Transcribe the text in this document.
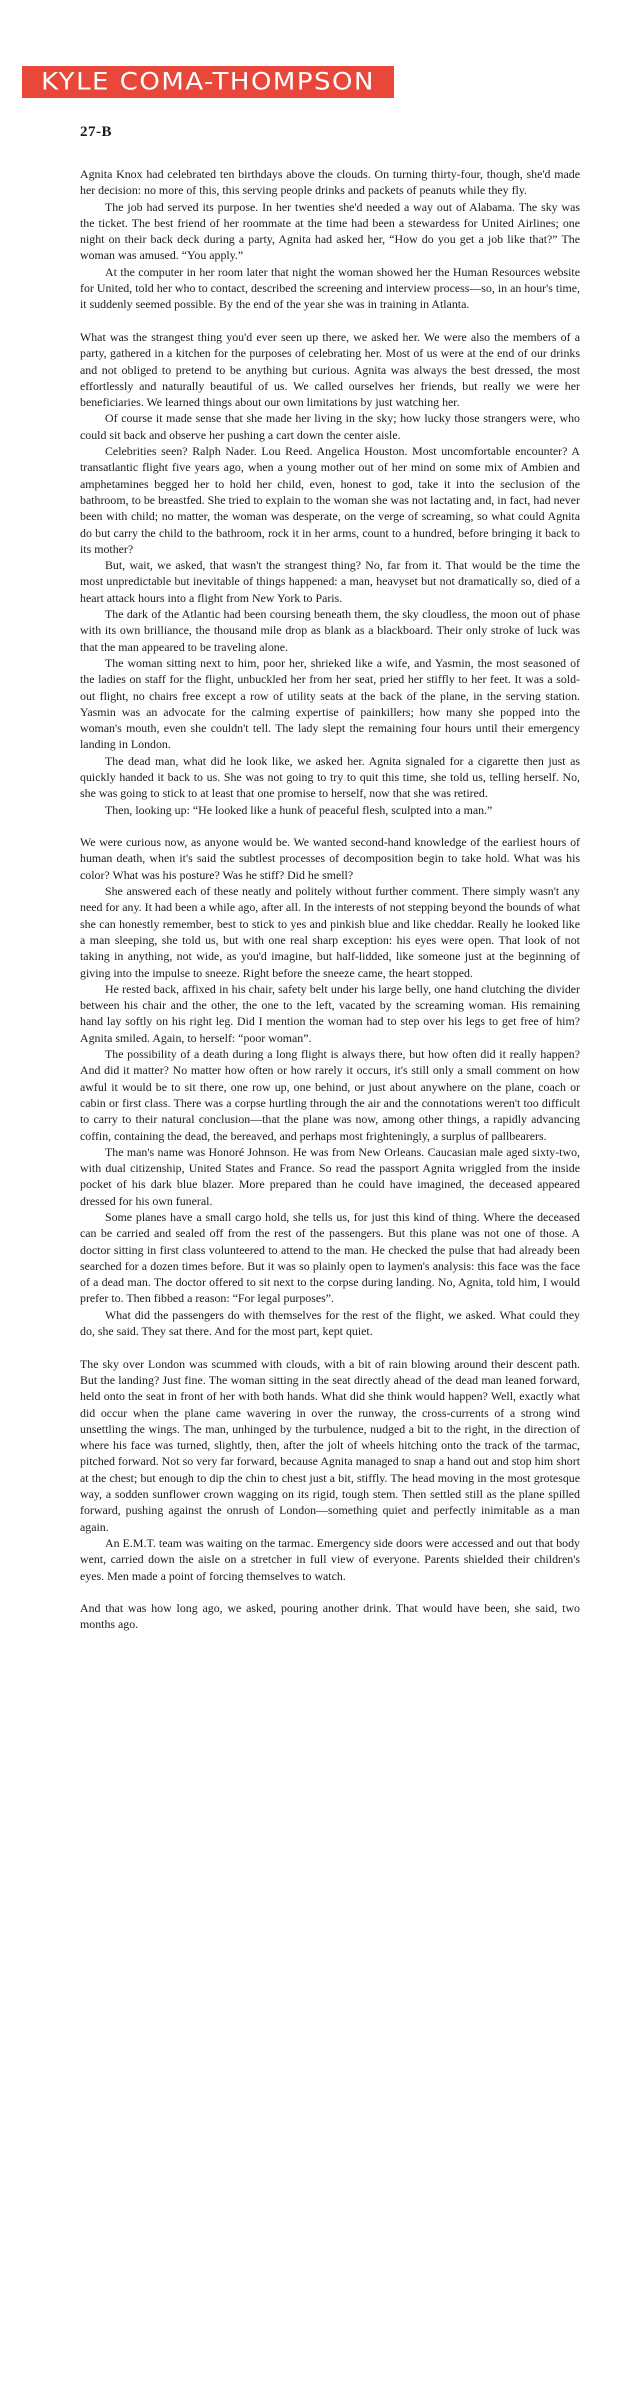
KYLE COMA-THOMPSON
27-B

Agnita Knox had celebrated ten birthdays above the clouds. On turning thirty-four, though, she'd made her decision: no more of this, this serving people drinks and packets of peanuts while they fly.

The job had served its purpose. In her twenties she'd needed a way out of Alabama. The sky was the ticket. The best friend of her roommate at the time had been a stewardess for United Airlines; one night on their back deck during a party, Agnita had asked her, “How do you get a job like that?” The woman was amused. “You apply.”

At the computer in her room later that night the woman showed her the Human Resources website for United, told her who to contact, described the screening and interview process—so, in an hour's time, it suddenly seemed possible. By the end of the year she was in training in Atlanta.

What was the strangest thing you'd ever seen up there, we asked her. We were also the members of a party, gathered in a kitchen for the purposes of celebrating her. Most of us were at the end of our drinks and not obliged to pretend to be anything but curious. Agnita was always the best dressed, the most effortlessly and naturally beautiful of us. We called ourselves her friends, but really we were her beneficiaries. We learned things about our own limitations by just watching her.

Of course it made sense that she made her living in the sky; how lucky those strangers were, who could sit back and observe her pushing a cart down the center aisle.

Celebrities seen? Ralph Nader. Lou Reed. Angelica Houston. Most uncomfortable encounter? A transatlantic flight five years ago, when a young mother out of her mind on some mix of Ambien and amphetamines begged her to hold her child, even, honest to god, take it into the seclusion of the bathroom, to be breastfed. She tried to explain to the woman she was not lactating and, in fact, had never been with child; no matter, the woman was desperate, on the verge of screaming, so what could Agnita do but carry the child to the bathroom, rock it in her arms, count to a hundred, before bringing it back to its mother?

But, wait, we asked, that wasn't the strangest thing? No, far from it. That would be the time the most unpredictable but inevitable of things happened: a man, heavyset but not dramatically so, died of a heart attack hours into a flight from New York to Paris.

The dark of the Atlantic had been coursing beneath them, the sky cloudless, the moon out of phase with its own brilliance, the thousand mile drop as blank as a blackboard. Their only stroke of luck was that the man appeared to be traveling alone.

The woman sitting next to him, poor her, shrieked like a wife, and Yasmin, the most seasoned of the ladies on staff for the flight, unbuckled her from her seat, pried her stiffly to her feet. It was a sold-out flight, no chairs free except a row of utility seats at the back of the plane, in the serving station. Yasmin was an advocate for the calming expertise of painkillers; how many she popped into the woman's mouth, even she couldn't tell. The lady slept the remaining four hours until their emergency landing in London.

The dead man, what did he look like, we asked her. Agnita signaled for a cigarette then just as quickly handed it back to us. She was not going to try to quit this time, she told us, telling herself. No, she was going to stick to at least that one promise to herself, now that she was retired.

Then, looking up: “He looked like a hunk of peaceful flesh, sculpted into a man.”

We were curious now, as anyone would be. We wanted second-hand knowledge of the earliest hours of human death, when it's said the subtlest processes of decomposition begin to take hold. What was his color? What was his posture? Was he stiff? Did he smell?

She answered each of these neatly and politely without further comment. There simply wasn't any need for any. It had been a while ago, after all. In the interests of not stepping beyond the bounds of what she can honestly remember, best to stick to yes and pinkish blue and like cheddar. Really he looked like a man sleeping, she told us, but with one real sharp exception: his eyes were open. That look of not taking in anything, not wide, as you'd imagine, but half-lidded, like someone just at the beginning of giving into the impulse to sneeze. Right before the sneeze came, the heart stopped.

He rested back, affixed in his chair, safety belt under his large belly, one hand clutching the divider between his chair and the other, the one to the left, vacated by the screaming woman. His remaining hand lay softly on his right leg. Did I mention the woman had to step over his legs to get free of him? Agnita smiled. Again, to herself: “poor woman”.

The possibility of a death during a long flight is always there, but how often did it really happen? And did it matter? No matter how often or how rarely it occurs, it's still only a small comment on how awful it would be to sit there, one row up, one behind, or just about anywhere on the plane, coach or cabin or first class. There was a corpse hurtling through the air and the connotations weren't too difficult to carry to their natural conclusion—that the plane was now, among other things, a rapidly advancing coffin, containing the dead, the bereaved, and perhaps most frighteningly, a surplus of pallbearers.

The man's name was Honoré Johnson. He was from New Orleans. Caucasian male aged sixty-two, with dual citizenship, United States and France. So read the passport Agnita wriggled from the inside pocket of his dark blue blazer. More prepared than he could have imagined, the deceased appeared dressed for his own funeral.

Some planes have a small cargo hold, she tells us, for just this kind of thing. Where the deceased can be carried and sealed off from the rest of the passengers. But this plane was not one of those. A doctor sitting in first class volunteered to attend to the man. He checked the pulse that had already been searched for a dozen times before. But it was so plainly open to laymen's analysis: this face was the face of a dead man. The doctor offered to sit next to the corpse during landing. No, Agnita, told him, I would prefer to. Then fibbed a reason: “For legal purposes”.

What did the passengers do with themselves for the rest of the flight, we asked. What could they do, she said. They sat there. And for the most part, kept quiet.

The sky over London was scummed with clouds, with a bit of rain blowing around their descent path. But the landing? Just fine. The woman sitting in the seat directly ahead of the dead man leaned forward, held onto the seat in front of her with both hands. What did she think would happen? Well, exactly what did occur when the plane came wavering in over the runway, the cross-currents of a strong wind unsettling the wings. The man, unhinged by the turbulence, nudged a bit to the right, in the direction of where his face was turned, slightly, then, after the jolt of wheels hitching onto the track of the tarmac, pitched forward. Not so very far forward, because Agnita managed to snap a hand out and stop him short at the chest; but enough to dip the chin to chest just a bit, stiffly. The head moving in the most grotesque way, a sodden sunflower crown wagging on its rigid, tough stem. Then settled still as the plane spilled forward, pushing against the onrush of London—something quiet and perfectly inimitable as a man again.

An E.M.T. team was waiting on the tarmac. Emergency side doors were accessed and out that body went, carried down the aisle on a stretcher in full view of everyone. Parents shielded their children's eyes. Men made a point of forcing themselves to watch.

And that was how long ago, we asked, pouring another drink. That would have been, she said, two months ago.
